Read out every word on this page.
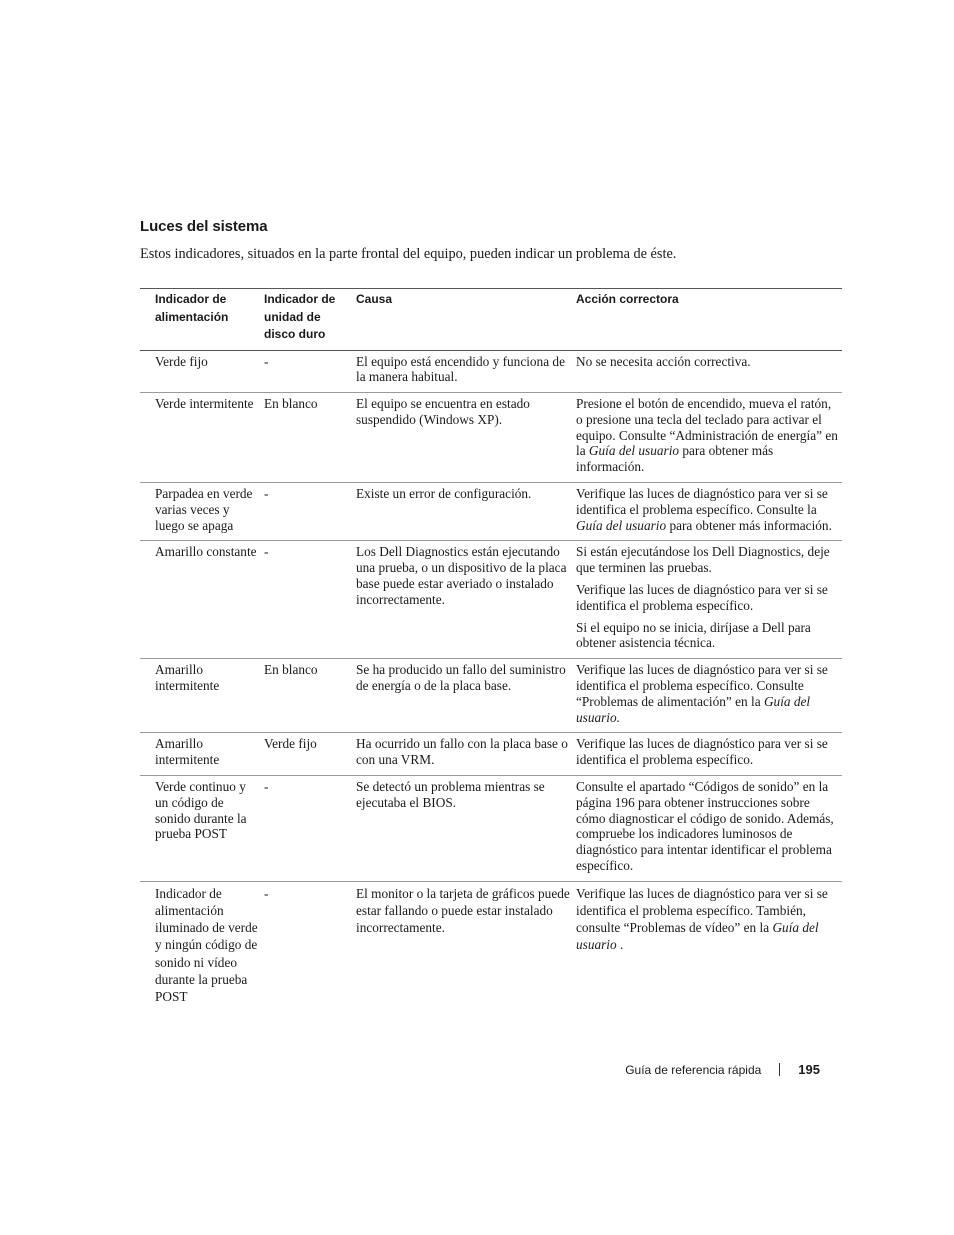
Luces del sistema

Estos indicadores, situados en la parte frontal del equipo, pueden indicar un problema de éste.

Indicador de alimentación	Indicador de unidad de disco duro	Causa	Acción correctora
Verde fijo	-	El equipo está encendido y funciona de la manera habitual.	No se necesita acción correctiva.

Verde intermitente	En blanco	El equipo se encuentra en estado suspendido (Windows XP).	Presione el botón de encendido, mueva el ratón, o presione una tecla del teclado para activar el equipo. Consulte “Administración de energía” en la Guía del usuario para obtener más información.

Parpadea en verde varias veces y luego se apaga	-	Existe un error de configuración.	Verifique las luces de diagnóstico para ver si se identifica el problema específico. Consulte la Guía del usuario para obtener más información.

Amarillo constante	-	Los Dell Diagnostics están ejecutando una prueba, o un dispositivo de la placa base puede estar averiado o instalado incorrectamente.	Si están ejecutándose los Dell Diagnostics, deje que terminen las pruebas.

Verifique las luces de diagnóstico para ver si se identifica el problema específico.

Si el equipo no se inicia, diríjase a Dell para obtener asistencia técnica.

Amarillo intermitente	En blanco	Se ha producido un fallo del suministro de energía o de la placa base.	Verifique las luces de diagnóstico para ver si se identifica el problema específico. Consulte “Problemas de alimentación” en la Guía del usuario.

Amarillo intermitente	Verde fijo	Ha ocurrido un fallo con la placa base o con una VRM.	Verifique las luces de diagnóstico para ver si se identifica el problema específico.

Verde continuo y un código de sonido durante la prueba POST	-	Se detectó un problema mientras se ejecutaba el BIOS.	Consulte el apartado “Códigos de sonido” en la página 196 para obtener instrucciones sobre cómo diagnosticar el código de sonido. Además, compruebe los indicadores luminosos de diagnóstico para intentar identificar el problema específico.

Indicador de alimentación iluminado de verde y ningún código de sonido ni vídeo durante la prueba POST	-	El monitor o la tarjeta de gráficos puede estar fallando o puede estar instalado incorrectamente.	Verifique las luces de diagnóstico para ver si se identifica el problema específico. También, consulte “Problemas de vídeo” en la Guía del usuario .

Guía de referencia rápida	195
